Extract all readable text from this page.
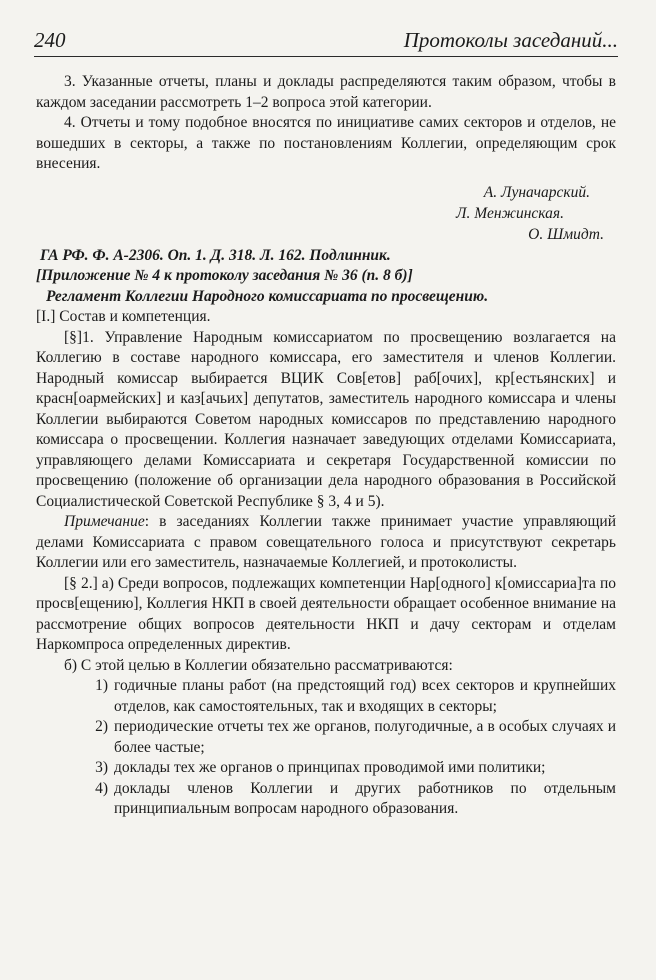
240	Протоколы заседаний...

3. Указанные отчеты, планы и доклады распределяются таким образом, чтобы в каждом заседании рассмотреть 1–2 вопроса этой категории.

4. Отчеты и тому подобное вносятся по инициативе самих секторов и отделов, не вошедших в секторы, а также по постановлениям Коллегии, определяющим срок внесения.

А. Луначарский.
Л. Менжинская.
О. Шмидт.

ГА РФ. Ф. А-2306. Оп. 1. Д. 318. Л. 162. Подлинник.

[Приложение № 4 к протоколу заседания № 36 (п. 8 б)]

Регламент Коллегии Народного комиссариата по просвещению.

[I.] Состав и компетенция.

[§]1. Управление Народным комиссариатом по просвещению возлагается на Коллегию в составе народного комиссара, его заместителя и членов Коллегии. Народный комиссар выбирается ВЦИК Сов[етов] раб[очих], кр[естьянских] и красн[оармейских] и каз[ачьих] депутатов, заместитель народного комиссара и члены Коллегии выбираются Советом народных комиссаров по представлению народного комиссара о просвещении. Коллегия назначает заведующих отделами Комиссариата, управляющего делами Комиссариата и секретаря Государственной комиссии по просвещению (положение об организации дела народного образования в Российской Социалистической Советской Республике § 3, 4 и 5).

Примечание: в заседаниях Коллегии также принимает участие управляющий делами Комиссариата с правом совещательного голоса и присутствуют секретарь Коллегии или его заместитель, назначаемые Коллегией, и протоколисты.

[§ 2.] а) Среди вопросов, подлежащих компетенции Нар[одного] к[омиссариа]та по просв[ещению], Коллегия НКП в своей деятельности обращает особенное внимание на рассмотрение общих вопросов деятельности НКП и дачу секторам и отделам Наркомпроса определенных директив.

б) С этой целью в Коллегии обязательно рассматриваются:

1) годичные планы работ (на предстоящий год) всех секторов и крупнейших отделов, как самостоятельных, так и входящих в секторы;
2) периодические отчеты тех же органов, полугодичные, а в особых случаях и более частые;
3) доклады тех же органов о принципах проводимой ими политики;
4) доклады членов Коллегии и других работников по отдельным принципиальным вопросам народного образования.
